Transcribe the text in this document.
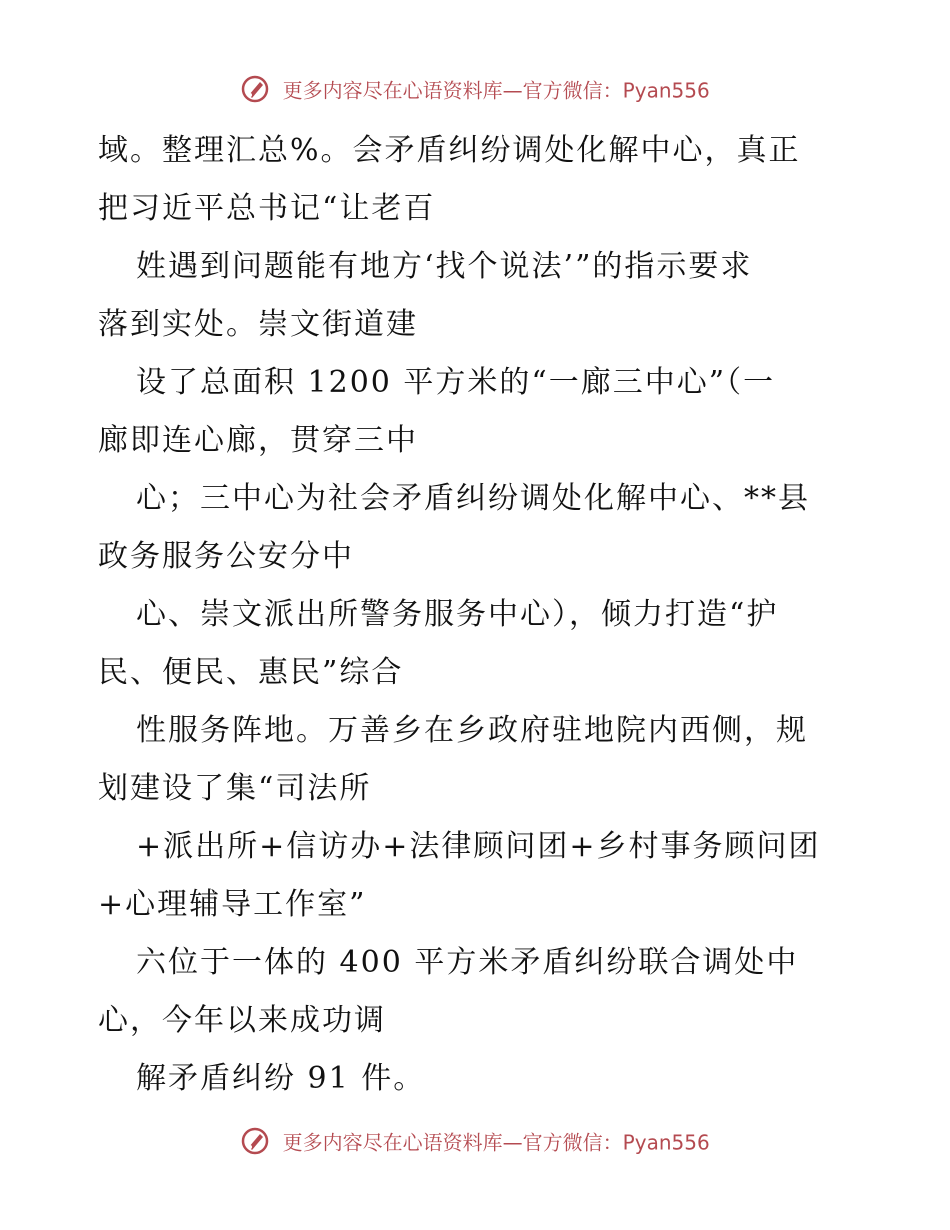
更多内容尽在心语资料库—官方微信：Pyan556
域。整理汇总%。会矛盾纠纷调处化解中心，真正
把习近平总书记“让老百
姓遇到问题能有地方‘找个说法’”的指示要求
落到实处。崇文街道建
设了总面积 1200 平方米的“一廊三中心”（一
廊即连心廊，贯穿三中
心；三中心为社会矛盾纠纷调处化解中心、**县
政务服务公安分中
心、崇文派出所警务服务中心），倾力打造“护
民、便民、惠民”综合
性服务阵地。万善乡在乡政府驻地院内西侧，规
划建设了集“司法所
+派出所+信访办+法律顾问团+乡村事务顾问团
+心理辅导工作室”
六位于一体的 400 平方米矛盾纠纷联合调处中
心，今年以来成功调
解矛盾纠纷 91 件。
更多内容尽在心语资料库—官方微信：Pyan556
